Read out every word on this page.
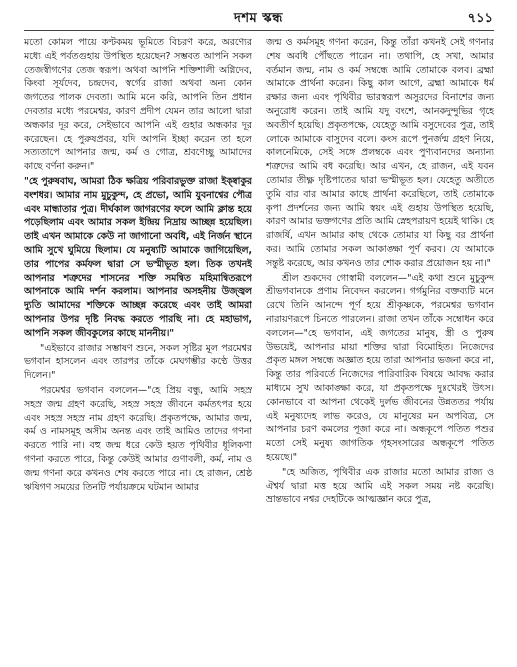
দশম স্কন্ধ	৭১১

মতো কোমল পায়ে কণ্টকময় ভূমিতে বিচরণ করে, অরণ্যের মধ্যে এই পর্বতগুহায় উপস্থিত হয়েছেন? সম্ভবত আপনি সকল তেজস্বীগণের তেজ স্বরূপ। অথবা আপনি শক্তিশালী অগ্নিদেব, কিংবা সূর্যদেব, চন্দ্রদেব, স্বর্গের রাজা অথবা অন্য কোন জগতের পালক দেবতা। আমি মনে করি, আপনি তিন প্রধান দেবতার মধ্যে পরমেশ্বর, কারণ প্রদীপ যেমন তার আলো দ্বারা অন্ধকার দূর করে, সেইভাবে আপনি এই গুহার অন্ধকার দূর করেছেন। হে পুরুষপ্রবর, যদি আপনি ইচ্ছা করেন তা হলে সত্যতাপে আপনার জন্ম, কর্ম ও গোত্র, শ্রবণেচ্ছু আমাদের কাছে বর্ণনা করুন।"

"হে পুরুষবাঘ, আমরা ঠিক ক্ষত্রিয় পরিবারভুক্ত রাজা ইক্ষ্বাকুর বংশধর। আমার নাম মুচুকুন্দ, হে প্রভো, আমি যুবনাশ্বের পৌত্র এবং মান্ধাতার পুত্র। দীর্ঘকাল জাগরণের ফলে আমি ক্লান্ত হয়ে পড়েছিলাম এবং আমার সকল ইন্দ্রিয় নিদ্রায় আচ্ছন্ন হয়েছিল। তাই এখন আমাকে কেউ না জাগানো অবধি, এই নির্জন স্থানে আমি সুখে ঘুমিয়ে ছিলাম। যে মনুষ্যটি আমাকে জাগিয়েছিল, তার পাপের কর্মফল দ্বারা সে ভস্মীভূত হল। তিক তখনই আপনার শত্রুদের শাসনের শক্তি সমন্বিত মহিমান্বিতরূপে আপনাকে আমি দর্শন করলাম। আপনার অসহনীয় উজ্জ্বল দ্যুতি আমাদের শক্তিকে আচ্ছন্ন করেছে এবং তাই আমরা আপনার উপর দৃষ্টি নিবদ্ধ করতে পারছি না। হে মহাভাগ, আপনি সকল জীবকুলের কাছে মাননীয়।"

"এইভাবে রাজার সম্ভাষণ শুনে, সকল সৃষ্টির মূল পরমেশ্বর ভগবান হাসলেন এবং তারপর তাঁকে মেঘগম্ভীর কণ্ঠে উত্তর দিলেন।"

পরমেশ্বর ভগবান বললেন—"হে প্রিয় বন্ধু, আমি সহস্র সহস্র জন্ম গ্রহণ করেছি, সহস্র সহস্র জীবনে কর্মতৎপর হয়ে এবং সহস্র সহস্র নাম গ্রহণ করেছি। প্রকৃতপক্ষে, আমার জন্ম, কর্ম ও নামসমূহ অসীম অনন্ত এবং তাই আমিও তাদের গণনা করতে পারি না। বহু জন্ম ধরে কেউ হয়ত পৃথিবীর ধূলিকণা গণনা করতে পারে, কিন্তু কেউই আমার গুণাবলী, কর্ম, নাম ও জন্ম গণনা করে কখনও শেষ করতে পারে না। হে রাজন, শ্রেষ্ঠ ঋষিগণ সময়ের তিনটি পর্যায়ক্রমে ঘটমান আমার

জন্ম ও কর্মসমূহ গণনা করেন, কিন্তু তাঁরা কখনই সেই গণনার শেষ অবধি পৌঁছতে পারেন না। তথাপি, হে সখা, আমার বর্তমান জন্ম, নাম ও কর্ম সম্বন্ধে আমি তোমাকে বলব। ব্রহ্মা আমাকে প্রার্থনা করেন। কিছু কাল আগে, ব্রহ্মা আমাকে ধর্ম রক্ষার জন্য এবং পৃথিবীর ভারস্বরূপ অসুরদের বিনাশের জন্য অনুরোধ করেন। তাই আমি যদু বংশে, আনকদুন্দুভির গৃহে অবতীর্ণ হয়েছি। প্রকৃতপক্ষে, যেহেতু আমি বসুদেবের পুত্র, তাই লোকে আমাকে বাসুদেব বলে। কংস রূপে পুনর্জন্ম গ্রহণ নিয়ে, কালনেমিকে, সেই সঙ্গে প্রলম্বকে এবং পুণ্যবানদের অন্যান্য শত্রুদের আমি বধ করেছি। আর এখন, হে রাজন, এই যবন তোমার তীক্ষ্ণ দৃষ্টিপাতের দ্বারা ভস্মীভূত হল। যেহেতু অতীতে তুমি বার বার আমার কাছে প্রার্থনা করেছিলে, তাই তোমাকে কৃপা প্রদর্শনের জন্য আমি স্বয়ং এই গুহায় উপস্থিত হয়েছি, কারণ আমার ভক্তগণের প্রতি আমি স্নেহপরায়ণ হয়েই থাকি। হে রাজর্ষি, এখন আমার কাছ থেকে তোমার যা কিছু বর প্রার্থনা কর। আমি তোমার সকল আকাঙ্ক্ষা পূর্ণ করব। যে আমাকে সন্তুষ্ট করেছে, আর কখনও তার শোক করার প্রয়োজন হয় না।"

শ্রীল শুকদেব গোস্বামী বললেন—"এই কথা শুনে মুচুকুন্দ শ্রীভগবানকে প্রণাম নিবেদন করলেন। গর্গমুনির বক্তব্যটি মনে রেখে তিনি আনন্দে পূর্ণ হয়ে শ্রীকৃষ্ণকে, পরমেশ্বর ভগবান নারায়ণরূপে চিনতে পারলেন। রাজা তখন তাঁকে সম্বোধন করে বললেন—"হে ভগবান, এই জগতের মানুষ, স্ত্রী ও পুরুষ উভয়েই, আপনার মায়া শক্তির দ্বারা বিমোহিত। নিজেদের প্রকৃত মঙ্গল সম্বন্ধে অজ্ঞাত হয়ে তারা আপনার ভজনা করে না, কিন্তু তার পরিবর্তে নিজেদের পারিবারিক বিষয়ে আবদ্ধ করার মাধ্যমে সুখ আকাঙ্ক্ষা করে, যা প্রকৃতপক্ষে দুঃখেরই উৎস। কোনভাবে বা আপনা থেকেই দুর্লভ জীবনের উন্নততর পর্যায় এই মনুষ্যদেহ লাভ করেও, যে মানুষের মন অপবিত্র, সে আপনার চরণ কমলের পূজা করে না। অন্ধকূপে পতিত পশুর মতো সেই মনুষ্য জাগতিক গৃহসংসারের অন্ধকূপে পতিত হয়েছে।"

"হে অজিত, পৃথিবীর এক রাজার মতো আমার রাজ্য ও ঐশ্বর্য দ্বারা মত্ত হয়ে আমি এই সকল সময় নষ্ট করেছি। ভ্রান্তভাবে নশ্বর দেহটিকে আত্মজ্ঞান করে পুত্র,
